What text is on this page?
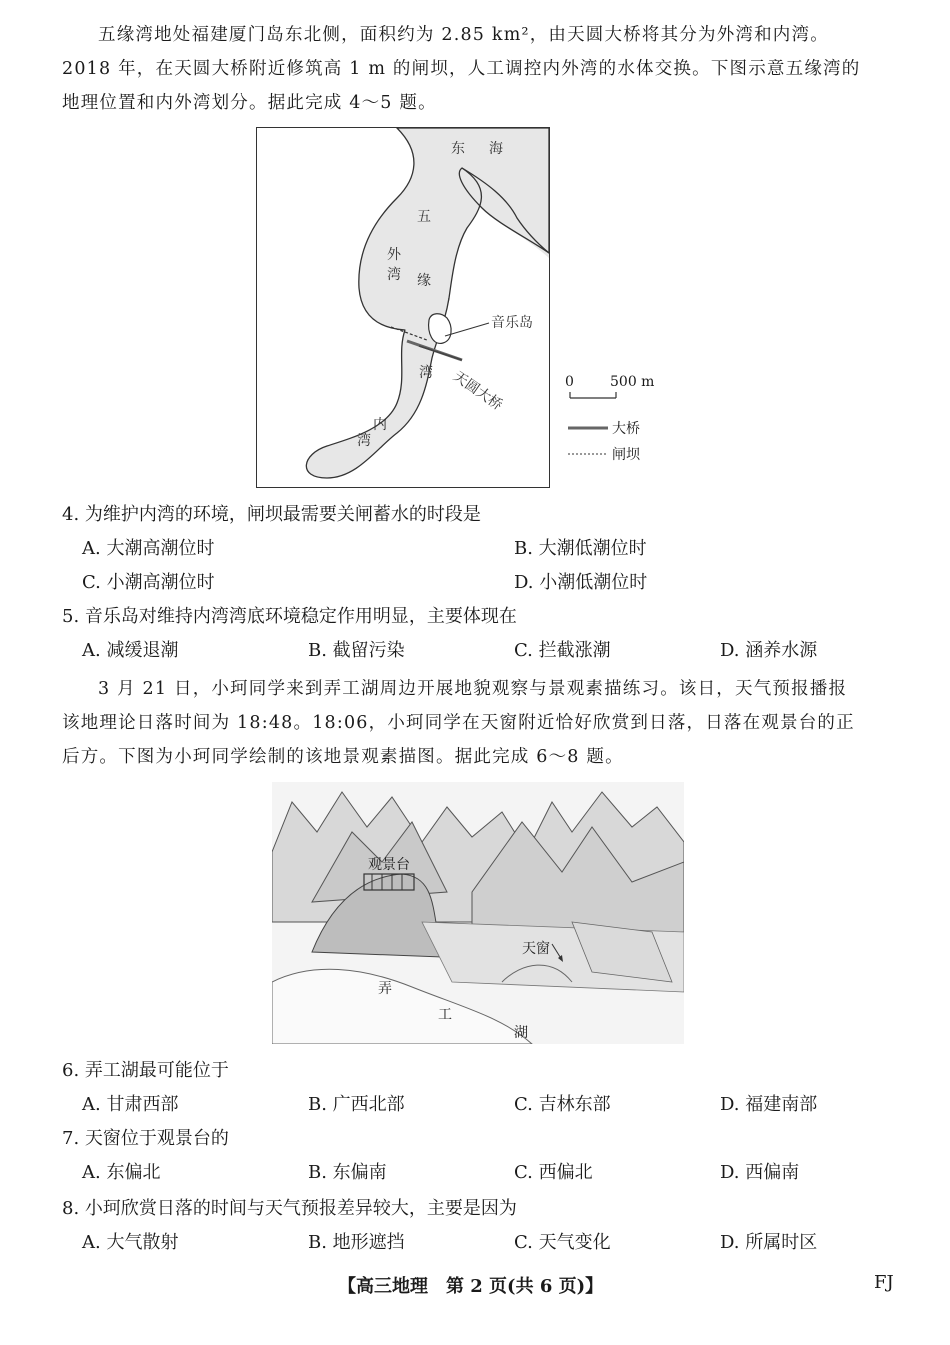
五缘湾地处福建厦门岛东北侧，面积约为 2.85 km²，由天圆大桥将其分为外湾和内湾。
2018 年，在天圆大桥附近修筑高 1 m 的闸坝，人工调控内外湾的水体交换。下图示意五缘湾的
地理位置和内外湾划分。据此完成 4～5 题。
东 海
五
外
湾 缘
音乐岛
湾 天圆大桥
内
湾
0	500 m
大桥
闸坝
4. 为维护内湾的环境，闸坝最需要关闸蓄水的时段是
A. 大潮高潮位时	B. 大潮低潮位时
C. 小潮高潮位时	D. 小潮低潮位时
5. 音乐岛对维持内湾湾底环境稳定作用明显，主要体现在
A. 减缓退潮	B. 截留污染	C. 拦截涨潮	D. 涵养水源
3 月 21 日，小珂同学来到弄工湖周边开展地貌观察与景观素描练习。该日，天气预报播报
该地理论日落时间为 18:48。18:06，小珂同学在天窗附近恰好欣赏到日落，日落在观景台的正
后方。下图为小珂同学绘制的该地景观素描图。据此完成 6～8 题。
观景台
天窗
弄
工
湖
6. 弄工湖最可能位于
A. 甘肃西部	B. 广西北部	C. 吉林东部	D. 福建南部
7. 天窗位于观景台的
A. 东偏北	B. 东偏南	C. 西偏北	D. 西偏南
8. 小珂欣赏日落的时间与天气预报差异较大，主要是因为
A. 大气散射	B. 地形遮挡	C. 天气变化	D. 所属时区
【高三地理　第 2 页(共 6 页)】	FJ
